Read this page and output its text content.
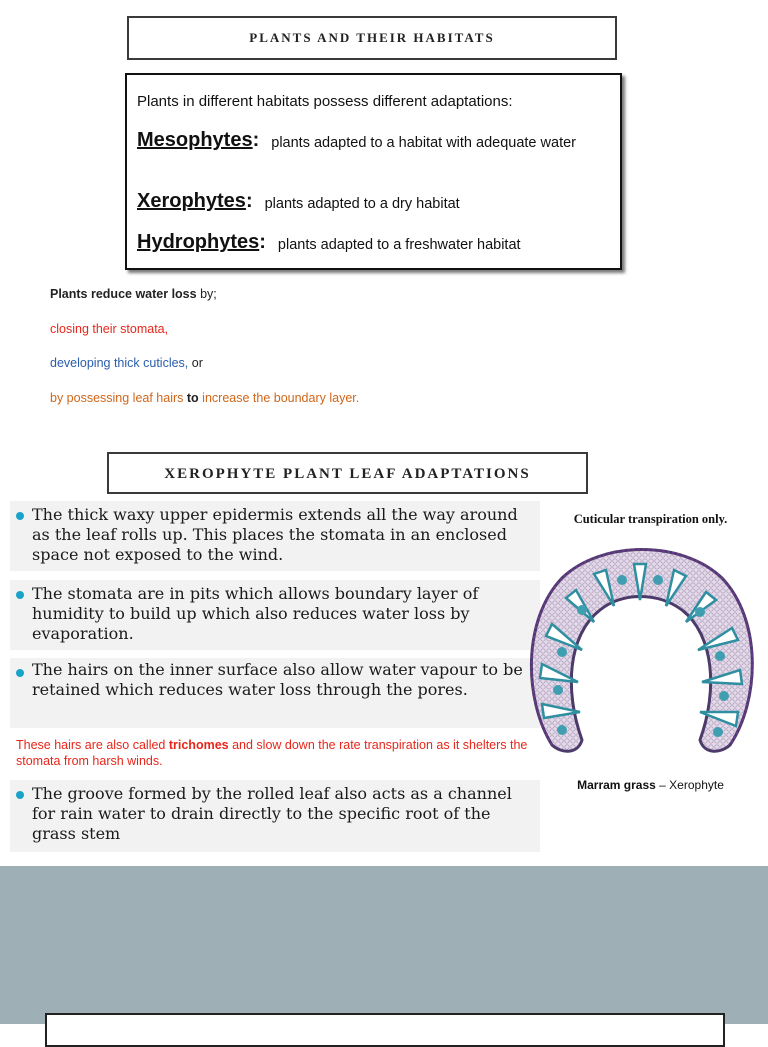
PLANTS AND THEIR HABITATS
Plants in different habitats possess different adaptations:
Mesophytes : plants adapted to a habitat with adequate water
Xerophytes : plants adapted to a dry habitat
Hydrophytes : plants adapted to a freshwater habitat
Plants reduce water loss by;
closing their stomata,
developing thick cuticles, or
by possessing leaf hairs to increase the boundary layer.
XEROPHYTE PLANT LEAF ADAPTATIONS
The thick waxy upper epidermis extends all the way around as the leaf rolls up. This places the stomata in an enclosed space not exposed to the wind.
The stomata are in pits which allows boundary layer of humidity to build up which also reduces water loss by evaporation.
The hairs on the inner surface also allow water vapour to be retained which reduces water loss through the pores.
These hairs are also called trichomes and slow down the rate transpiration as it shelters the stomata from harsh winds.
The groove formed by the rolled leaf also acts as a channel for rain water to drain directly to the specific root of the grass stem
Cuticular transpiration only.
Marram grass – Xerophyte
